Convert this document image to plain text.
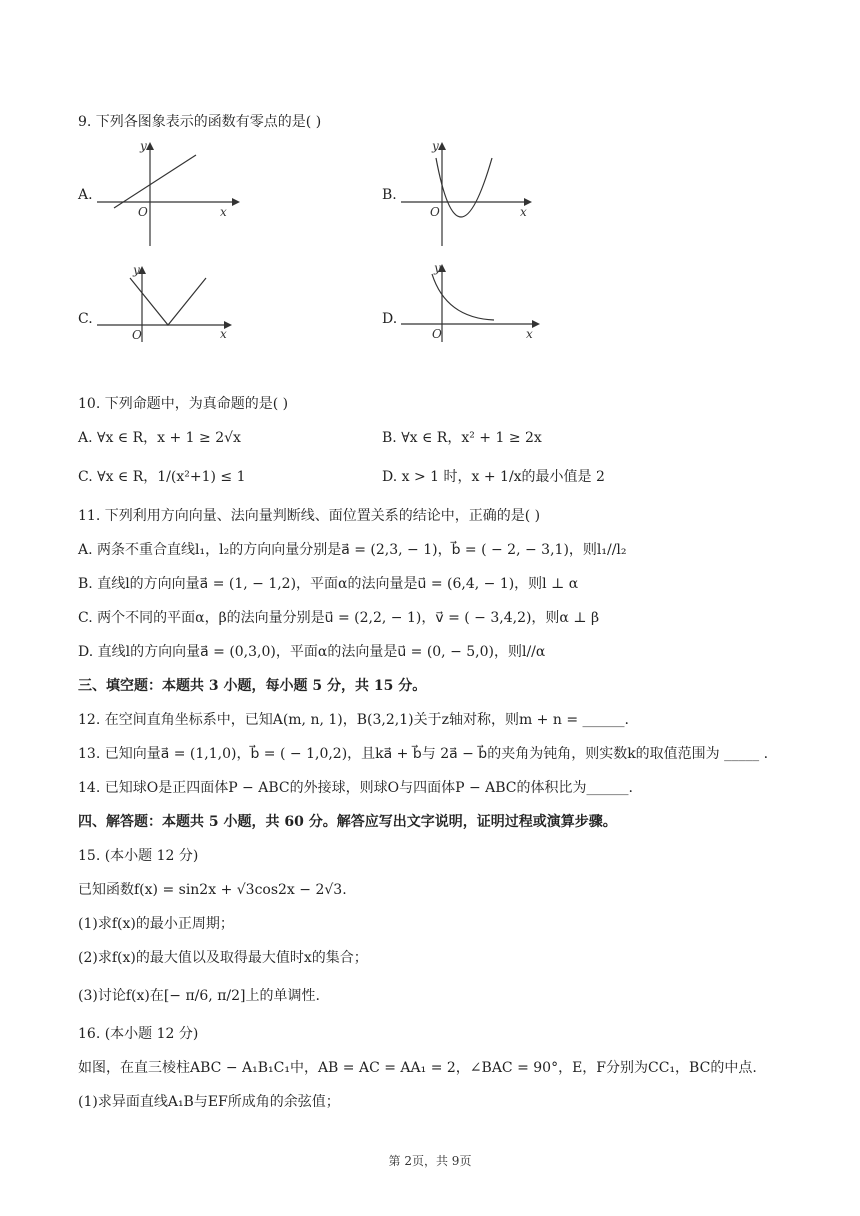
9. 下列各图象表示的函数有零点的是( )
A.
y
x
O
B.
y
x
O
C.
y
x
O
D.
y
x
O
10. 下列命题中，为真命题的是( )
A. ∀x ∈ R，x + 1 ≥ 2√x	B. ∀x ∈ R，x² + 1 ≥ 2x
C. ∀x ∈ R，1/(x²+1) ≤ 1	D. x > 1 时，x + 1/x的最小值是 2
11. 下列利用方向向量、法向量判断线、面位置关系的结论中，正确的是( )
A. 两条不重合直线l₁，l₂的方向向量分别是a⃗ = (2,3, − 1)，b⃗ = ( − 2, − 3,1)，则l₁//l₂
B. 直线l的方向向量a⃗ = (1, − 1,2)，平面α的法向量是u⃗ = (6,4, − 1)，则l ⊥ α
C. 两个不同的平面α，β的法向量分别是u⃗ = (2,2, − 1)，v⃗ = ( − 3,4,2)，则α ⊥ β
D. 直线l的方向向量a⃗ = (0,3,0)，平面α的法向量是u⃗ = (0, − 5,0)，则l//α
三、填空题：本题共 3 小题，每小题 5 分，共 15 分。
12. 在空间直角坐标系中，已知A(m, n, 1)，B(3,2,1)关于z轴对称，则m + n = ______.
13. 已知向量a⃗ = (1,1,0)，b⃗ = ( − 1,0,2)，且ka⃗ + b⃗与 2a⃗ − b⃗的夹角为钝角，则实数k的取值范围为 _____ .
14. 已知球O是正四面体P − ABC的外接球，则球O与四面体P − ABC的体积比为______.
四、解答题：本题共 5 小题，共 60 分。解答应写出文字说明，证明过程或演算步骤。
15. (本小题 12 分)
已知函数f(x) = sin2x + √3cos2x − 2√3.
(1)求f(x)的最小正周期；
(2)求f(x)的最大值以及取得最大值时x的集合；
(3)讨论f(x)在[− π/6, π/2]上的单调性.
16. (本小题 12 分)
如图，在直三棱柱ABC − A₁B₁C₁中，AB = AC = AA₁ = 2，∠BAC = 90°，E，F分别为CC₁，BC的中点.
(1)求异面直线A₁B与EF所成角的余弦值；
第 2页，共 9页
